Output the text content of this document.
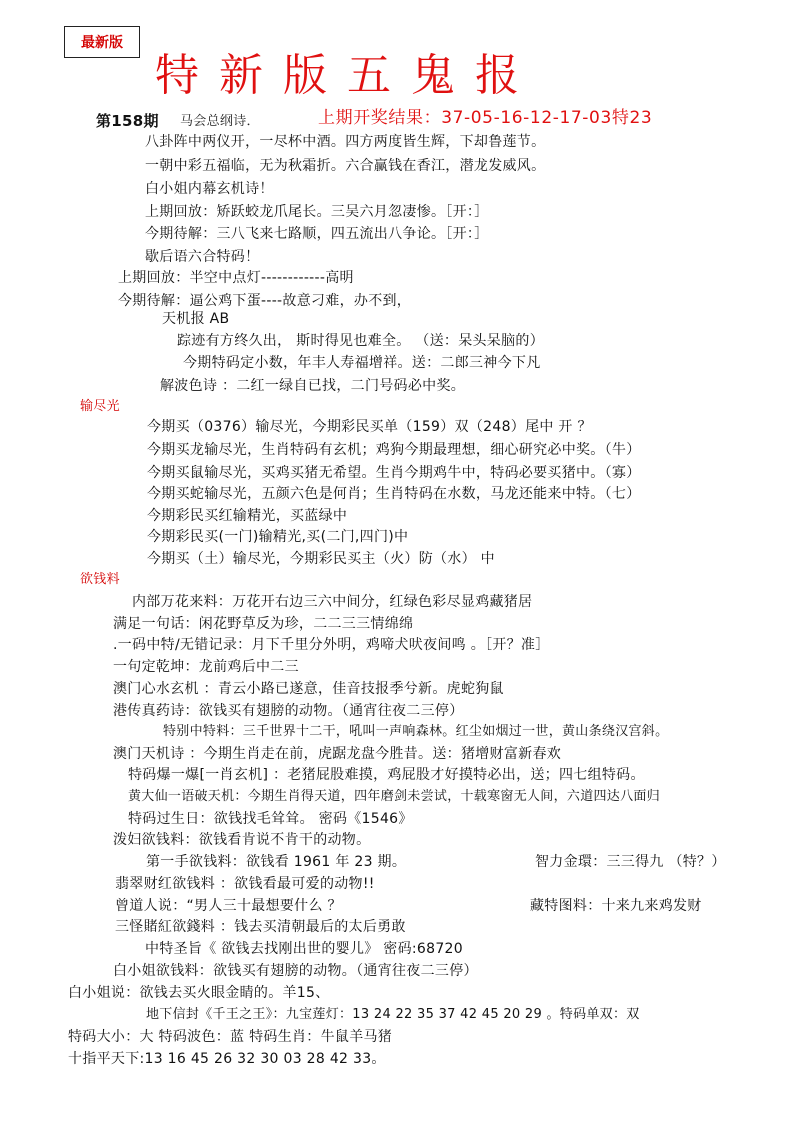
最新版
特新版五鬼报
第158期 马会总纲诗．	上期开奖结果：37-05-16-12-17-03特23
八卦阵中两仪开，一尽杯中酒。四方两度皆生辉，下却鲁莲节。
一朝中彩五福临，无为秋霜折。六合赢钱在香江，潜龙发威风。
白小姐内幕玄机诗！
上期回放：矫跃蛟龙爪尾长。三吴六月忽凄惨。［开：］
今期待解：三八飞来七路顺，四五流出八争论。［开：］
歇后语六合特码！
上期回放：半空中点灯------------高明
今期待解：逼公鸡下蛋----故意刁难，办不到，
天机报 AB
踪迹有方终久出， 斯时得见也难全。 （送：呆头呆脑的）
今期特码定小数，年丰人寿福增祥。送：二郎三神今下凡
解波色诗 ：二红一绿自已找，二门号码必中奖。
输尽光
今期买（0376）输尽光，今期彩民买单（159）双（248）尾中 开 ？
今期买龙输尽光，生肖特码有玄机；鸡狗今期最理想，细心研究必中奖。（牛）
今期买鼠输尽光，买鸡买猪无希望。生肖今期鸡牛中，特码必要买猪中。（寡）
今期买蛇输尽光，五颜六色是何肖；生肖特码在水数，马龙还能来中特。（七）
今期彩民买红输精光，买蓝绿中
今期彩民买(一门)输精光,买(二门,四门)中
今期买（土）输尽光，今期彩民买主（火）防（水） 中
欲钱料
内部万花来料：万花开右边三六中间分，红绿色彩尽显鸡藏猪居
满足一句话：闲花野草反为珍，二二三三情绵绵
.一码中特/无错记录：月下千里分外明，鸡啼犬吠夜间鸣 。［开？准］
一句定乾坤：龙前鸡后中二三
澳门心水玄机 ：青云小路已遂意，佳音技报季兮新。虎蛇狗鼠
港传真药诗：欲钱买有翅膀的动物。（通宵往夜二三停）
特别中特料：三千世界十二干，吼叫一声响森林。红尘如烟过一世，黄山条绕汉宫斜。
澳门天机诗 ：今期生肖走在前，虎踞龙盘今胜昔。送：猪增财富新春欢
特码爆一爆[一肖玄机] ：老猪屁股难摸，鸡屁股才好摸特必出，送；四七组特码。
黄大仙一语破天机：今期生肖得天道，四年磨剑未尝试，十载寒窗无人间，六道四达八面归
特码过生日：欲钱找毛耸耸。 密码《1546》
泼妇欲钱料：欲钱看肯说不肯干的动物。
第一手欲钱料：欲钱看 1961 年 23 期。	智力金環：三三得九 （特？）
翡翠财红欲钱料 ：欲钱看最可爱的动物!!
曾道人说：“男人三十最想要什么 ？	藏特图料：十来九来鸡发财
三怪賭紅欲錢料 ：钱去买清朝最后的太后勇敢
中特圣旨《 欲钱去找刚出世的婴儿》 密码:68720
白小姐欲钱料：欲钱买有翅膀的动物。（通宵往夜二三停）
白小姐说：欲钱去买火眼金睛的。羊15、
地下信封《千王之王》：九宝莲灯：13 24 22 35 37 42 45 20 29 。特码单双：双
特码大小：大 特码波色：蓝 特码生肖：牛鼠羊马猪
十指平天下:13 16 45 26 32 30 03 28 42 33。
